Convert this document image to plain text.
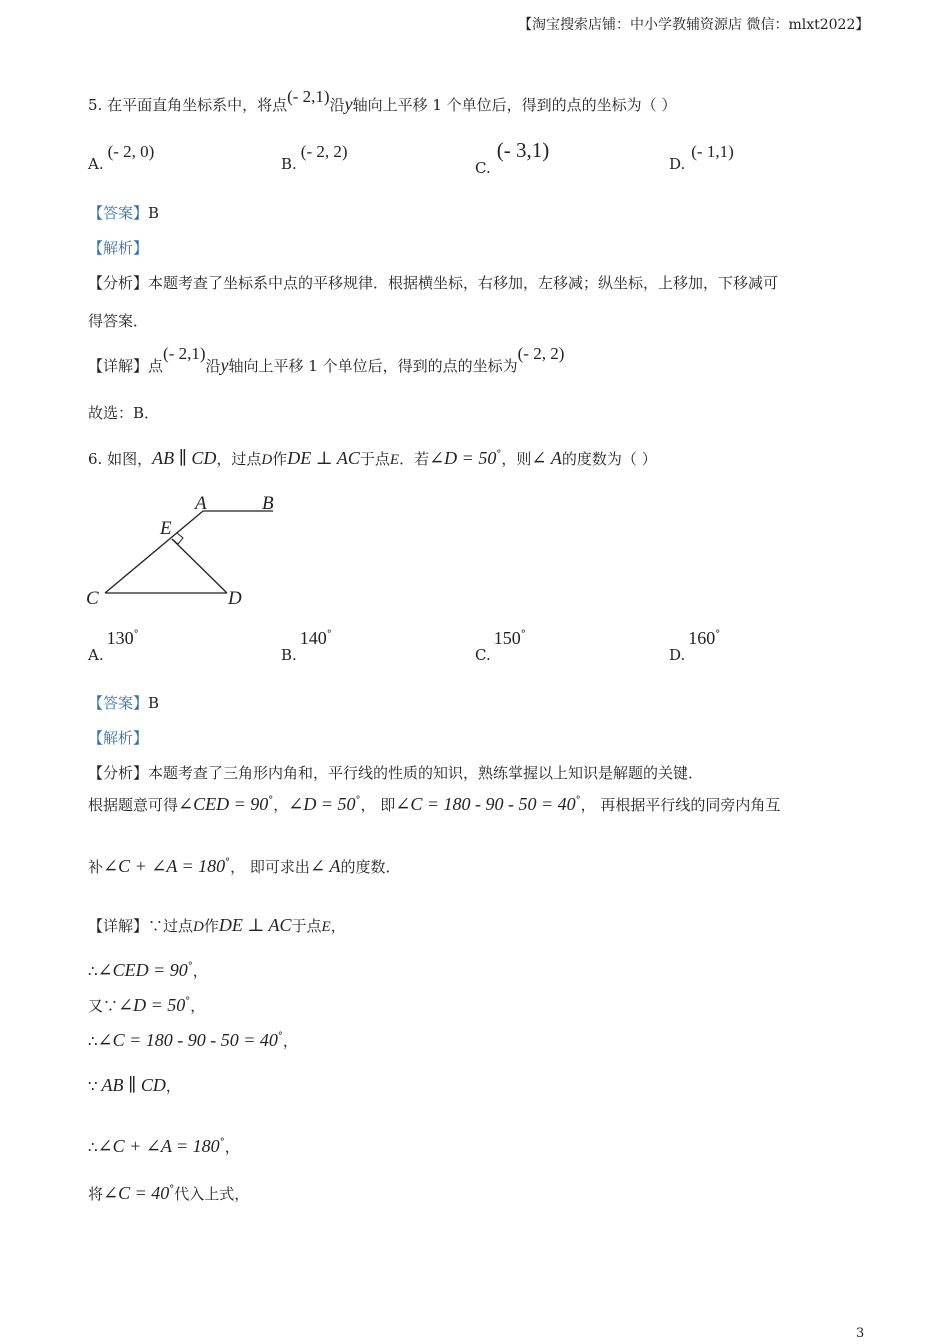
【淘宝搜索店铺：中小学教辅资源店 微信：mlxt2022】
5. 在平面直角坐标系中，将点(- 2,1)沿y轴向上平移 1 个单位后，得到的点的坐标为（ ）
A.(- 2, 0)
B.(- 2, 2)
C.(- 3,1)
D.(- 1,1)
【答案】B
【解析】
【分析】本题考查了坐标系中点的平移规律．根据横坐标，右移加，左移减；纵坐标，上移加，下移减可
得答案．
【详解】点(- 2,1)沿y轴向上平移 1 个单位后，得到的点的坐标为(- 2, 2)
故选：B．
6. 如图，AB ∥ CD，过点D作DE ⊥ AC于点E．若∠D = 50°，则∠ A的度数为（ ）
A	B
E
C	D
A.130°
B.140°
C.150°
D.160°
【答案】B
【解析】
【分析】本题考查了三角形内角和，平行线的性质的知识，熟练掌握以上知识是解题的关键．
根据题意可得∠CED = 90°，∠D = 50°， 即∠C = 180 - 90 - 50 = 40°， 再根据平行线的同旁内角互
补∠C + ∠A = 180°， 即可求出∠ A的度数．
【详解】∵过点D作DE ⊥ AC于点E，
∴∠CED = 90°，
又∵∠D = 50°，
∴∠C = 180 - 90 - 50 = 40°，
∵ AB ∥ CD，
∴∠C + ∠A = 180°，
将∠C = 40°代入上式，
3
